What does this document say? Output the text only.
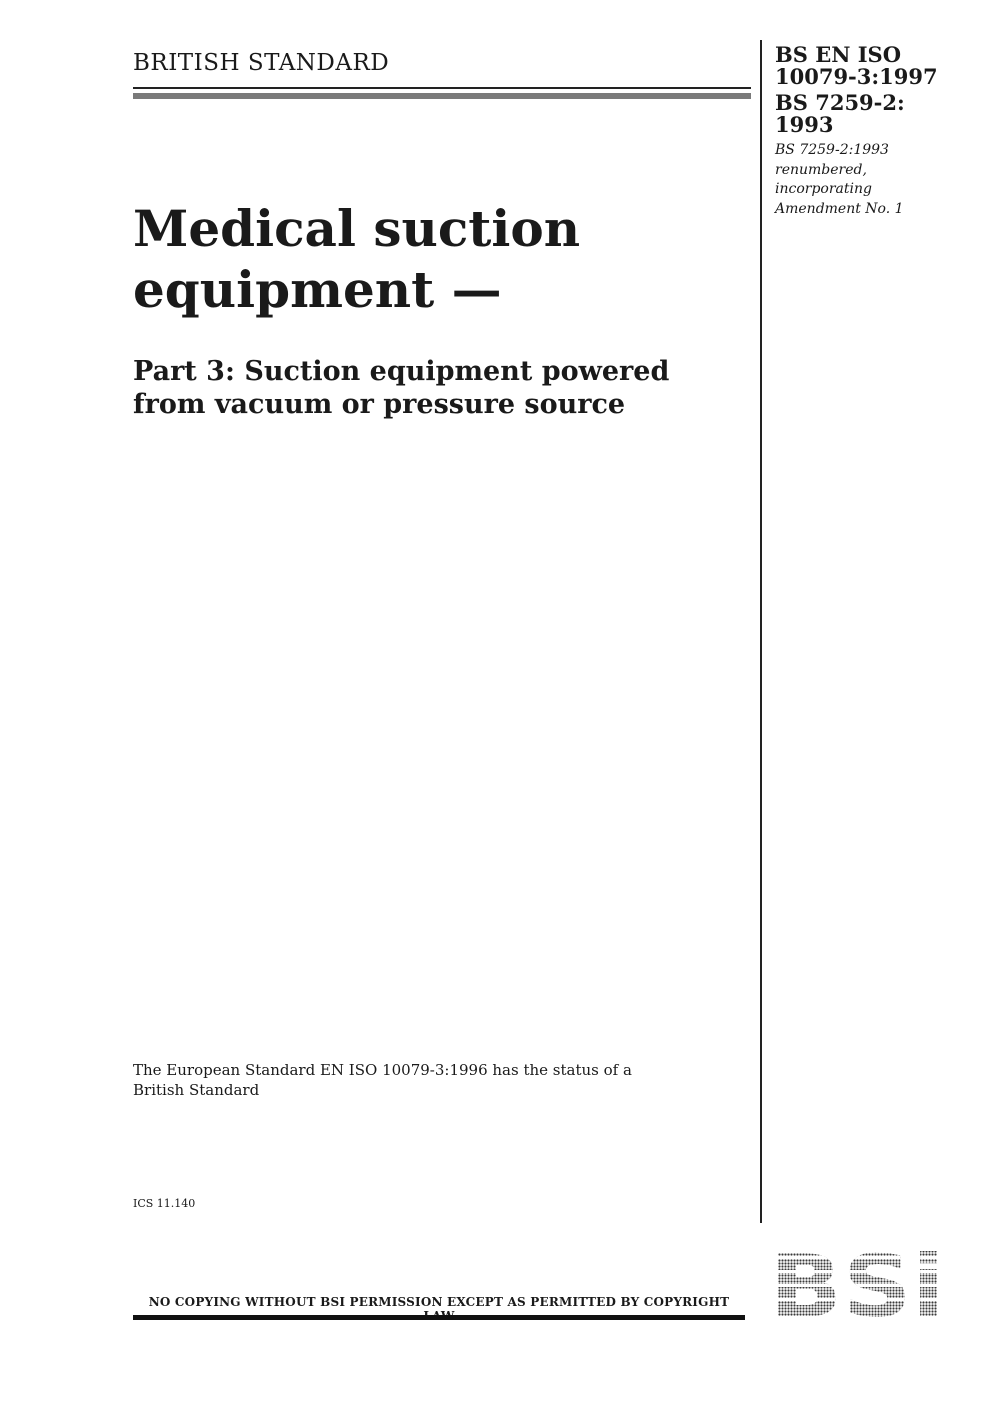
BRITISH STANDARD	BS EN ISO
10079-3:1997
BS 7259-2:
1993
BS 7259-2:1993
renumbered,
incorporating
Amendment No. 1
Medical suction
equipment —
Part 3: Suction equipment powered
from vacuum or pressure source
The European Standard EN ISO 10079-3:1996 has the status of a
British Standard
ICS 11.140
NO COPYING WITHOUT BSI PERMISSION EXCEPT AS PERMITTED BY COPYRIGHT
